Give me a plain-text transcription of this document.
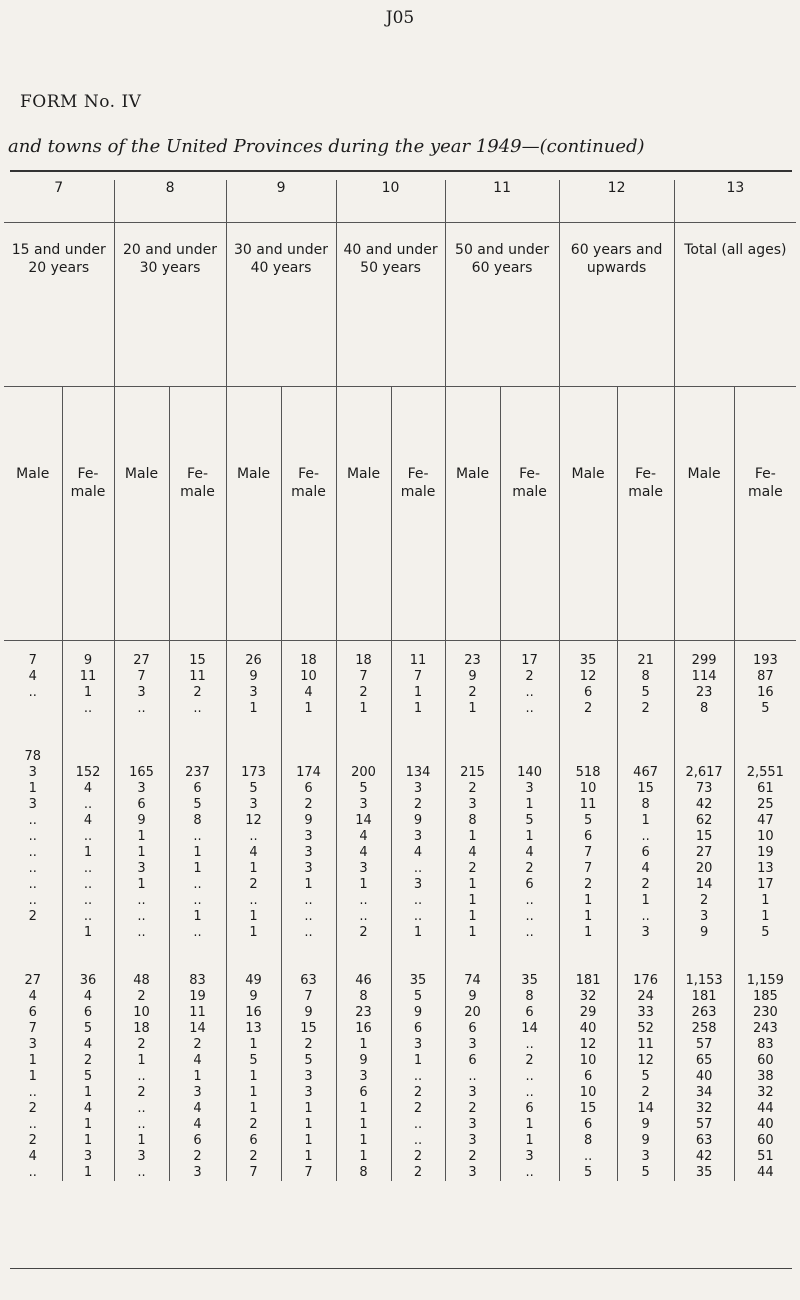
J05
FORM No. IV
and towns of the United Provinces during the year 1949—(continued)
7		8		9		10		11		12		13	
15 and under 20 years		20 and under 30 years		30 and under 40 years		40 and under 50 years		50 and under 60 years		60 years and upwards		Total (all ages)	
Male	Fe- male	Male	Fe- male	Male	Fe- male	Male	Fe- male	Male	Fe- male	Male	Fe- male	Male	Fe- male

7	9	27	15	26	18	18	11	23	17	35	21	299	193
4	11	7	11	9	10	7	7	9	2	12	8	114	87
..	1	3	2	3	4	2	1	2	..	6	5	23	16
	..	..	..	1	1	1	1	1	..	2	2	8	5

78													
3	152	165	237	173	174	200	134	215	140	518	467	2,617	2,551
1	4	3	6	5	6	5	3	2	3	10	15	73	61
3	..	6	5	3	2	3	2	3	1	11	8	42	25
..	4	9	8	12	9	14	9	8	5	5	1	62	47
..	..	1	..	..	3	4	3	1	1	6	..	15	10
..	1	1	1	4	3	4	4	4	4	7	6	27	19
..	..	3	1	1	3	3	..	2	2	7	4	20	13
..	..	1	..	2	1	1	3	1	6	2	2	14	17
..	..	..	..	..	..	..	..	1	..	1	1	2	1
2	..	..	1	1	..	..	..	1	..	1	..	3	1
	1	..	..	1	..	2	1	1	..	1	3	9	5

27	36	48	83	49	63	46	35	74	35	181	176	1,153	1,159
4	4	2	19	9	7	8	5	9	8	32	24	181	185
6	6	10	11	16	9	23	9	20	6	29	33	263	230
7	5	18	14	13	15	16	6	6	14	40	52	258	243
3	4	2	2	1	2	1	3	3	..	12	11	57	83
1	2	1	4	5	5	9	1	6	2	10	12	65	60
1	5	..	1	1	3	3	..	..	..	6	5	40	38
..	1	2	3	1	3	6	2	3	..	10	2	34	32
2	4	..	4	1	1	1	2	2	6	15	14	32	44
..	1	..	4	2	1	1	..	3	1	6	9	57	40
2	1	1	6	6	1	1	..	3	1	8	9	63	60
4	3	3	2	2	1	1	2	2	3	..	3	42	51
..	1	..	3	7	7	8	2	3	..	5	5	35	44
